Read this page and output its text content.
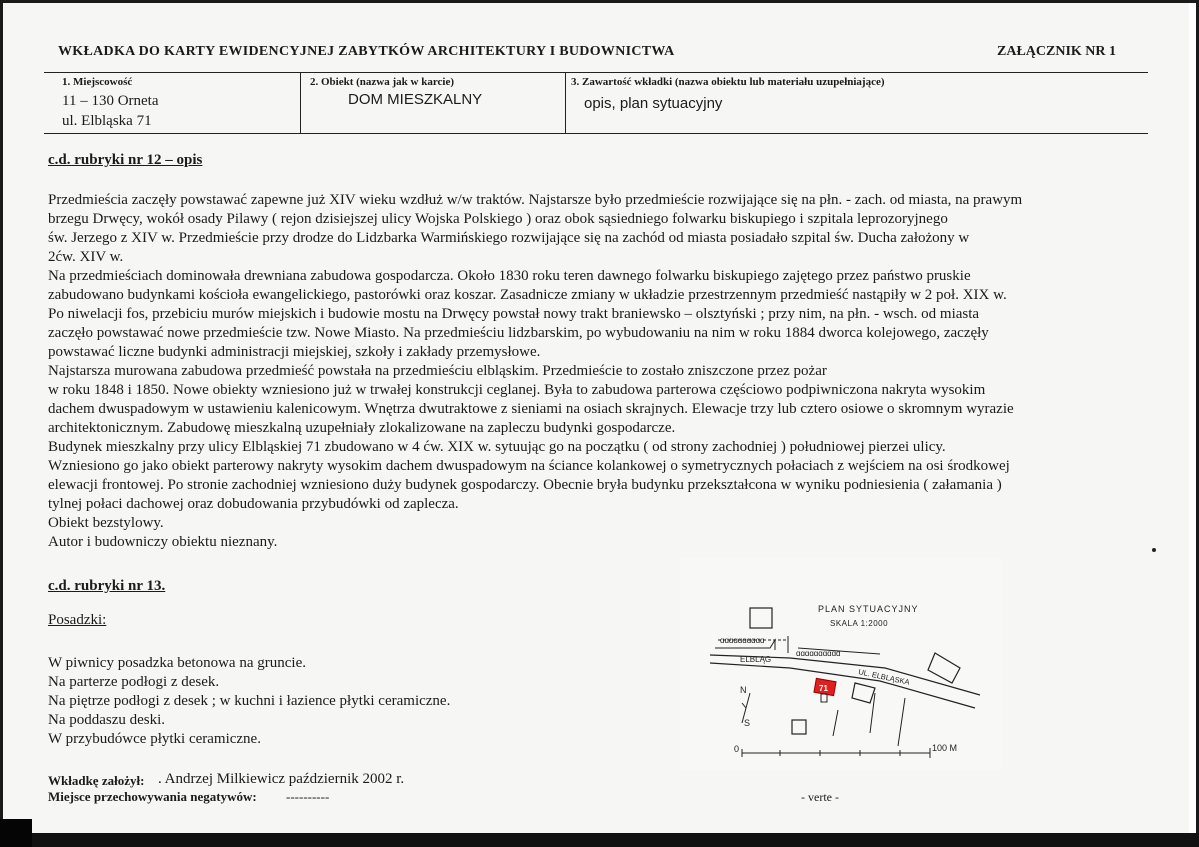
WKŁADKA DO KARTY EWIDENCYJNEJ ZABYTKÓW ARCHITEKTURY I BUDOWNICTWA	ZAŁĄCZNIK NR 1
1. Miejscowość
11 – 130 Orneta
ul. Elbląska 71
2. Obiekt (nazwa jak w karcie)
DOM MIESZKALNY
3. Zawartość wkładki (nazwa obiektu lub materiału uzupełniające)
opis, plan sytuacyjny
c.d. rubryki nr 12 – opis
Przedmieścia zaczęły powstawać zapewne już XIV wieku wzdłuż w/w traktów. Najstarsze było przedmieście rozwijające się na płn. - zach. od miasta, na prawym
brzegu Drwęcy, wokół osady Pilawy ( rejon dzisiejszej ulicy Wojska Polskiego ) oraz obok sąsiedniego folwarku biskupiego i szpitala leprozoryjnego
św. Jerzego z XIV w. Przedmieście przy drodze do Lidzbarka Warmińskiego rozwijające się na zachód od miasta posiadało szpital św. Ducha założony w
2ćw. XIV w.
Na przedmieściach dominowała drewniana zabudowa gospodarcza. Około 1830 roku teren dawnego folwarku biskupiego zajętego przez państwo pruskie
zabudowano budynkami kościoła ewangelickiego, pastorówki oraz koszar. Zasadnicze zmiany w układzie przestrzennym przedmieść nastąpiły w 2 poł. XIX w.
Po niwelacji fos, przebiciu murów miejskich i budowie mostu na Drwęcy powstał nowy trakt braniewsko – olsztyński ; przy nim, na płn. - wsch. od miasta
zaczęło powstawać nowe przedmieście tzw. Nowe Miasto. Na przedmieściu lidzbarskim, po wybudowaniu na nim w roku 1884 dworca kolejowego, zaczęły
powstawać liczne budynki administracji miejskiej, szkoły i zakłady przemysłowe.
Najstarsza murowana zabudowa przedmieść powstała na przedmieściu elbląskim. Przedmieście to zostało zniszczone przez pożar
w roku 1848 i 1850. Nowe obiekty wzniesiono już w trwałej konstrukcji ceglanej. Była to zabudowa parterowa częściowo podpiwniczona nakryta wysokim
dachem dwuspadowym w ustawieniu kalenicowym. Wnętrza dwutraktowe z sieniami na osiach skrajnych. Elewacje trzy lub cztero osiowe o skromnym wyrazie
architektonicznym. Zabudowę mieszkalną uzupełniały zlokalizowane na zapleczu budynki gospodarcze.
Budynek mieszkalny przy ulicy Elbląskiej 71 zbudowano w 4 ćw. XIX w. sytuując go na początku ( od strony zachodniej ) południowej pierzei ulicy.
Wzniesiono go jako obiekt parterowy nakryty wysokim dachem dwuspadowym na ściance kolankowej o symetrycznych połaciach z wejściem na osi środkowej
elewacji frontowej. Po stronie zachodniej wzniesiono duży budynek gospodarczy. Obecnie bryła budynku przekształcona w wyniku podniesienia ( załamania )
tylnej połaci dachowej oraz dobudowania przybudówki od zaplecza.
Obiekt bezstylowy.
Autor i budowniczy obiektu nieznany.
c.d. rubryki nr 13.
Posadzki:
W piwnicy posadzka betonowa na gruncie.
Na parterze podłogi z desek.
Na piętrze podłogi z desek ; w kuchni i łazience płytki ceramiczne.
Na poddaszu deski.
W przybudówce płytki ceramiczne.
PLAN SYTUACYJNY
SKALA 1:2000
ɑɑɑɑɑɑɑɑɑɑ
ɑɑɑɑɑɑɑɑɑɑ
ELBLĄG
UL. ELBLĄSKA
71
N
S
0	100 M
Wkładkę założył: . Andrzej Milkiewicz październik 2002 r.
Miejsce przechowywania negatywów: ----------	- verte -
